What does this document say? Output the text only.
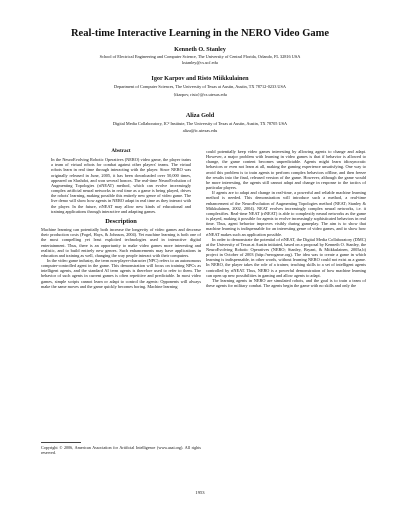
Real-time Interactive Learning in the NERO Video Game
Kenneth O. Stanley
School of Electrical Engineering and Computer Science, The University of Central Florida, Orlando, FL 32816 USA
kstanley@cs.ucf.edu
Igor Karpov and Risto Miikkulainen
Department of Computer Sciences, The University of Texas at Austin, Austin, TX 78712-0233 USA
{ikarpov, risto}@cs.utexas.edu
Aliza Gold
Digital Media Collaboratory, IC² Institute, The University of Texas at Austin, Austin, TX 78705 USA
aliza@ic.utexas.edu
Abstract
In the NeuroEvolving Robotic Operatives (NERO) video game, the player trains a team of virtual robots for combat against other players' teams. The virtual robots learn in real time through interacting with the player. Since NERO was originally released in June, 2005, it has been downloaded over 50,000 times, appeared on Slashdot, and won several honors. The real-time NeuroEvolution of Augmenting Topologies (rtNEAT) method, which can evolve increasingly complex artificial neural networks in real time as a game is being played, drives the robots' learning, making possible this entirely new genre of video game. The live demo will show how agents in NERO adapt in real time as they interact with the player. In the future, rtNEAT may allow new kinds of educational and training applications through interactive and adapting games.
Description

Machine learning can potentially both increase the longevity of video games and decrease their production costs (Fogel, Hays, & Johnson, 2004). Yet machine learning is both one of the most compelling yet least exploited technologies used in interactive digital entertainment. Thus, there is an opportunity to make video games more interesting and realistic, and to build entirely new genres. Such enhancements may have applications in education and training as well, changing the way people interact with their computers.

In the video game industry, the term non-player-character (NPC) refers to an autonomous computer-controlled agent in the game. This demonstration will focus on training NPCs as intelligent agents, and the standard AI term agents is therefore used to refer to them. The behavior of such agents in current games is often repetitive and predictable. In most video games, simple scripts cannot learn or adapt to control the agents: Opponents will always make the same moves and the game quickly becomes boring. Machine learning

Copyright © 2006, American Association for Artificial Intelligence (www.aaai.org). All rights reserved.

could potentially keep video games interesting by allowing agents to change and adapt. However, a major problem with learning in video games is that if behavior is allowed to change, the game content becomes unpredictable. Agents might learn idiosyncratic behaviors or even not learn at all, making the gaming experience unsatisfying. One way to avoid this problem is to train agents to perform complex behaviors offline, and then freeze the results into the final, released version of the game. However, although the game would be more interesting, the agents still cannot adapt and change in response to the tactics of particular players.

If agents are to adapt and change in real-time, a powerful and reliable machine learning method is needed. This demonstration will introduce such a method, a real-time enhancement of the NeuroEvolution of Augmenting Topologies method (NEAT; Stanley & Miikkulainen, 2002, 2004). NEAT evolves increasingly complex neural networks, i.e. it complexifies. Real-time NEAT (rtNEAT) is able to complexify neural networks as the game is played, making it possible for agents to evolve increasingly sophisticated behaviors in real time. Thus, agent behavior improves visibly during gameplay. The aim is to show that machine learning is indispensable for an interesting genre of video games, and to show how rtNEAT makes such an application possible.

In order to demonstrate the potential of rtNEAT, the Digital Media Collaboratory (DMC) at the University of Texas at Austin initiated, based on a proposal by Kenneth O. Stanley, the NeuroEvolving Robotic Operatives (NERO; Stanley, Bryant, & Miikkulainen, 2005a,b) project in October of 2003 (http://nerogame.org). The idea was to create a game in which learning is indispensable, in other words, without learning NERO could not exist as a game. In NERO, the player takes the role of a trainer, teaching skills to a set of intelligent agents controlled by rtNEAT. Thus, NERO is a powerful demonstration of how machine learning can open up new possibilities in gaming and allow agents to adapt.

The learning agents in NERO are simulated robots, and the goal is to train a team of these agents for military combat. The agents begin the game with no skills and only the

1953
